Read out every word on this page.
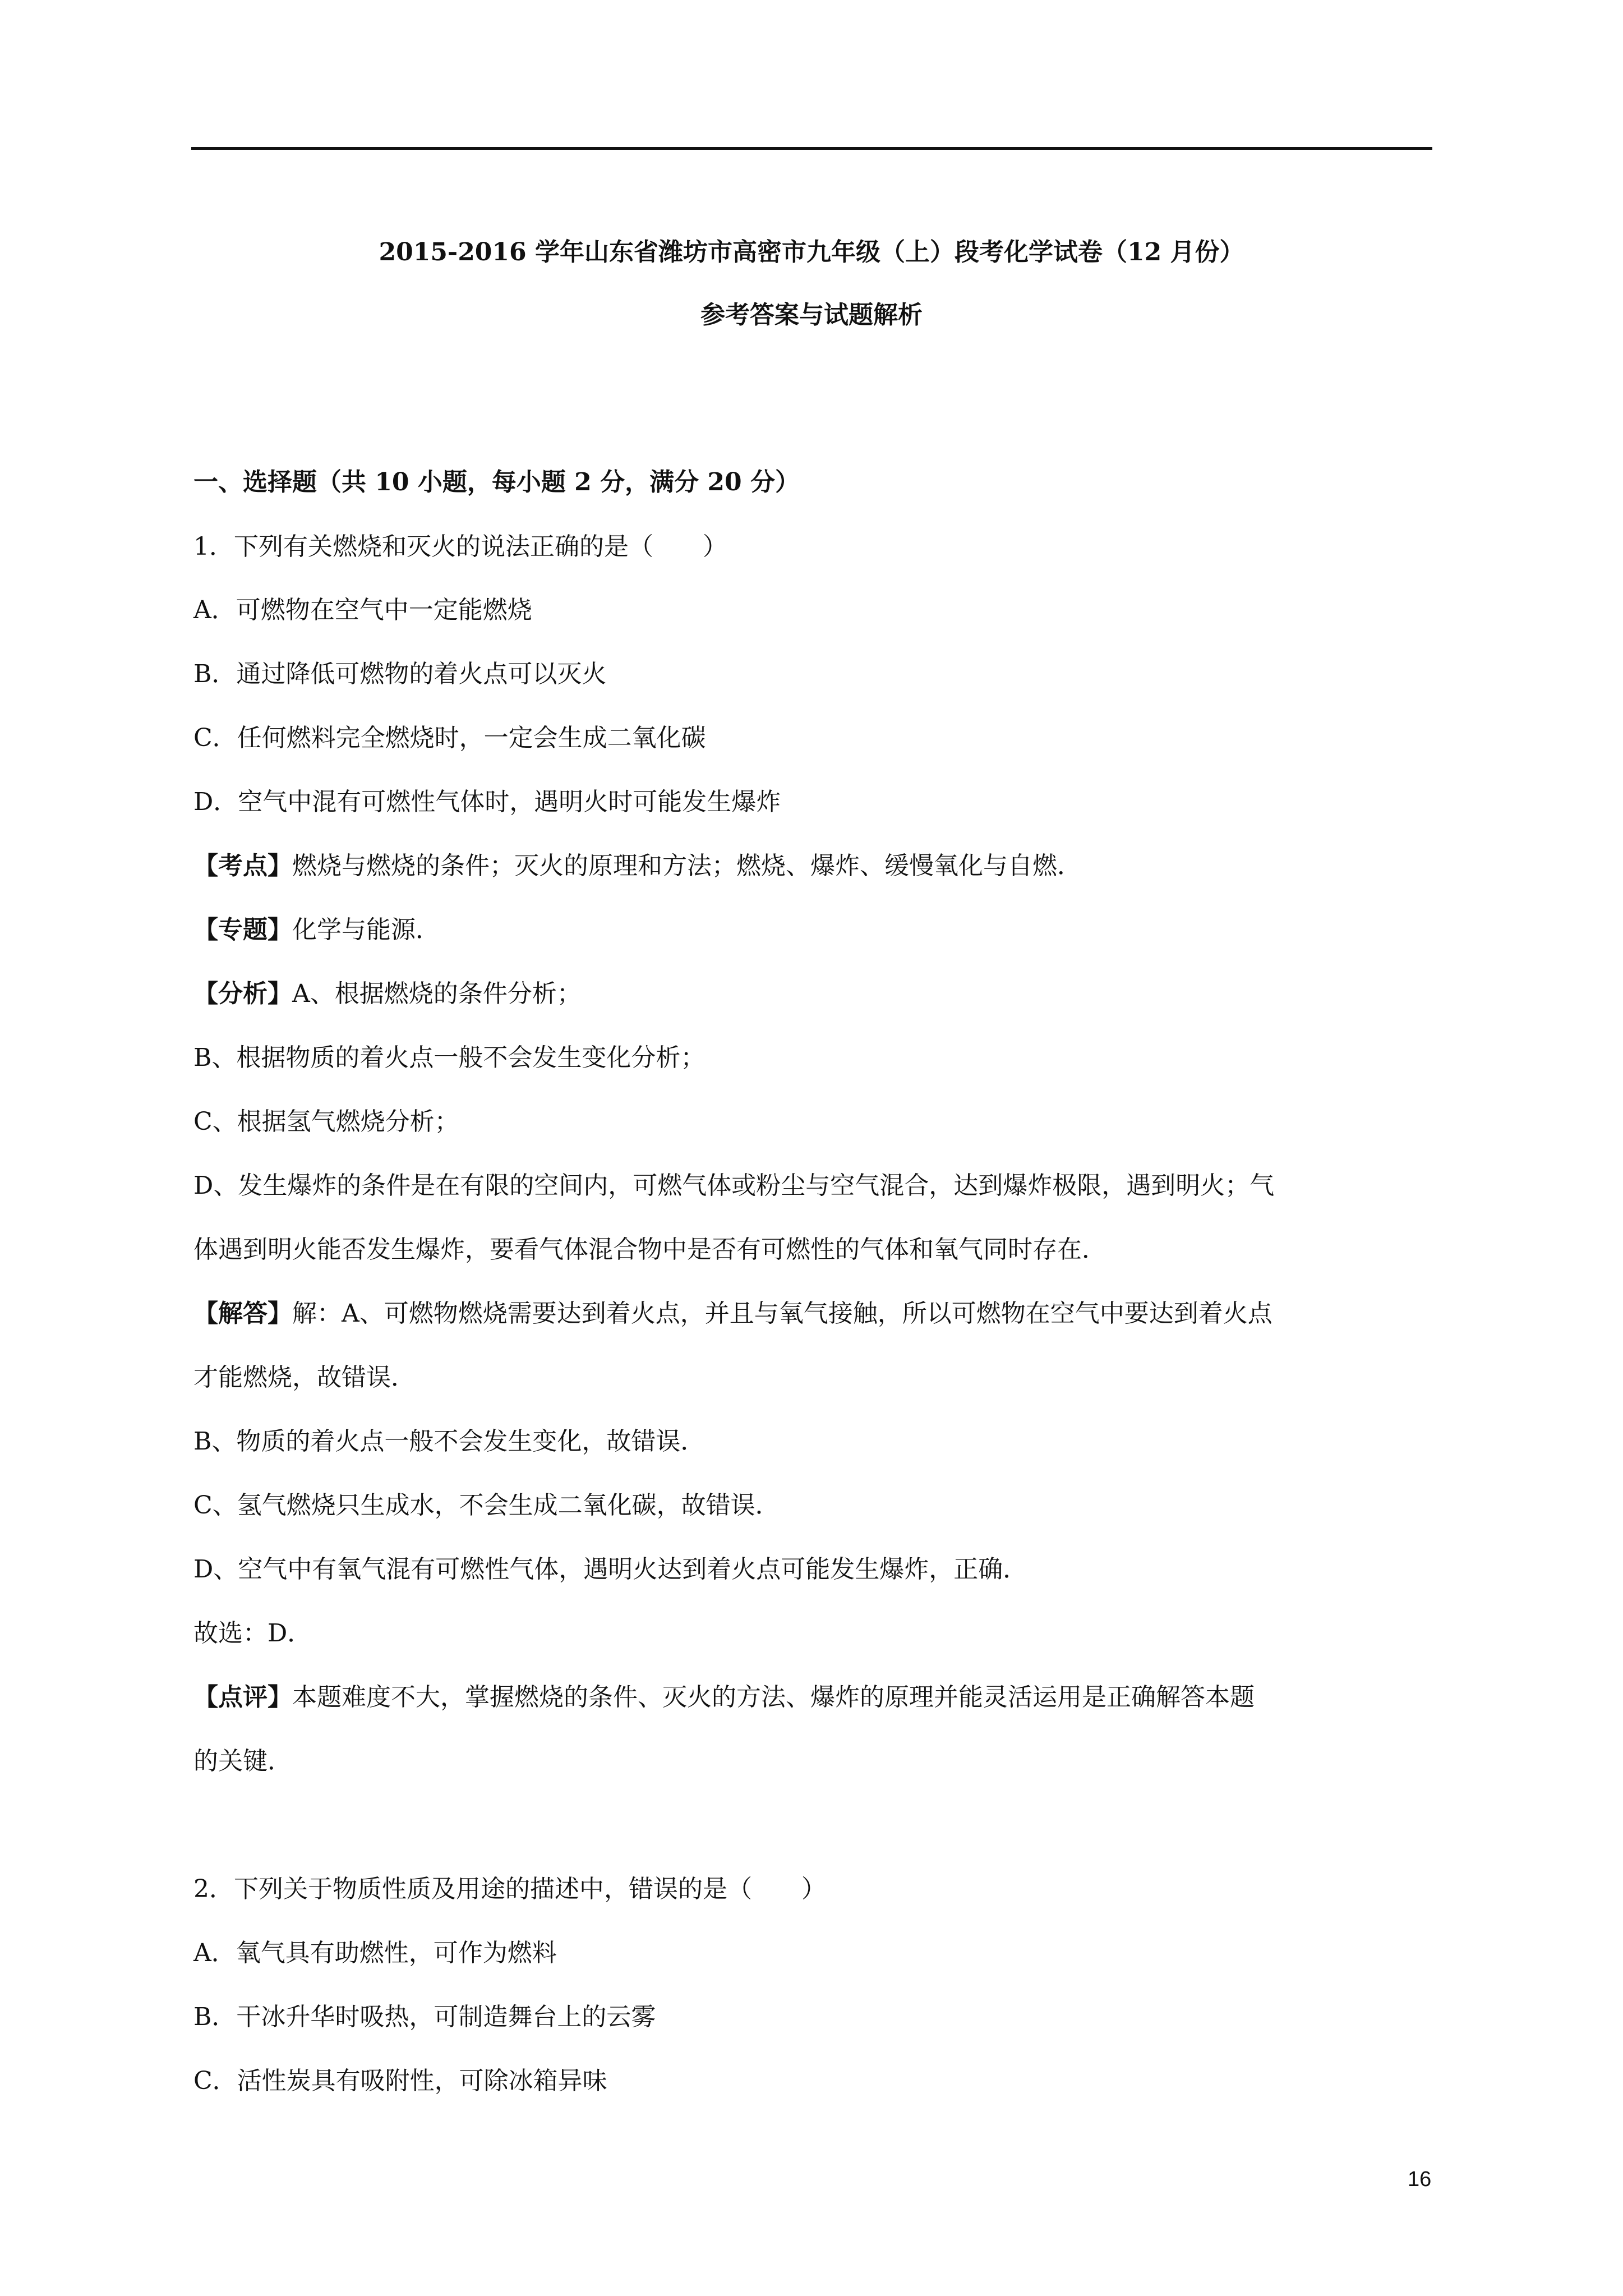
2015-2016 学年山东省潍坊市高密市九年级（上）段考化学试卷（12 月份）
参考答案与试题解析
一、选择题（共 10 小题，每小题 2 分，满分 20 分）
1．下列有关燃烧和灭火的说法正确的是（　　）
A．可燃物在空气中一定能燃烧
B．通过降低可燃物的着火点可以灭火
C．任何燃料完全燃烧时，一定会生成二氧化碳
D．空气中混有可燃性气体时，遇明火时可能发生爆炸
【考点】燃烧与燃烧的条件；灭火的原理和方法；燃烧、爆炸、缓慢氧化与自燃．
【专题】化学与能源．
【分析】A、根据燃烧的条件分析；
B、根据物质的着火点一般不会发生变化分析；
C、根据氢气燃烧分析；
D、发生爆炸的条件是在有限的空间内，可燃气体或粉尘与空气混合，达到爆炸极限，遇到明火；气
体遇到明火能否发生爆炸，要看气体混合物中是否有可燃性的气体和氧气同时存在．
【解答】解：A、可燃物燃烧需要达到着火点，并且与氧气接触，所以可燃物在空气中要达到着火点
才能燃烧，故错误．
B、物质的着火点一般不会发生变化，故错误．
C、氢气燃烧只生成水，不会生成二氧化碳，故错误．
D、空气中有氧气混有可燃性气体，遇明火达到着火点可能发生爆炸，正确．
故选：D．
【点评】本题难度不大，掌握燃烧的条件、灭火的方法、爆炸的原理并能灵活运用是正确解答本题
的关键．
2．下列关于物质性质及用途的描述中，错误的是（　　）
A．氧气具有助燃性，可作为燃料
B．干冰升华时吸热，可制造舞台上的云雾
C．活性炭具有吸附性，可除冰箱异味
16
